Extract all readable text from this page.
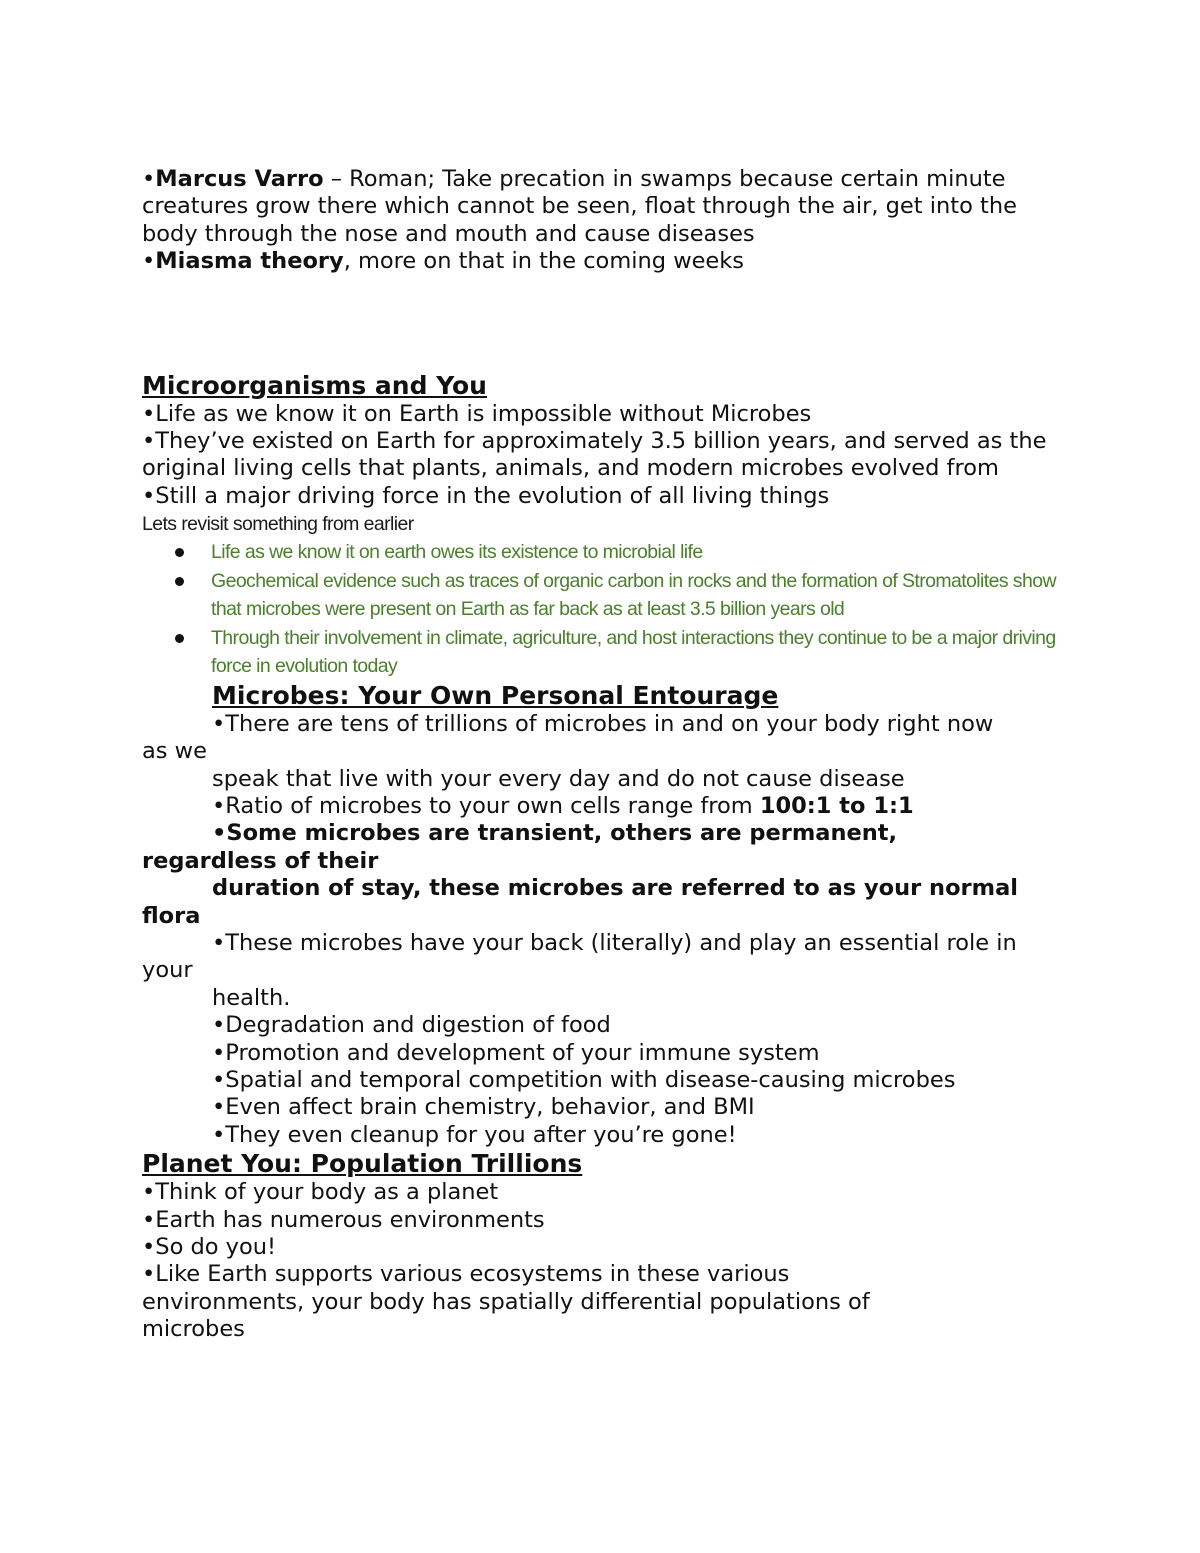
•Marcus Varro – Roman; Take precation in swamps because certain minute creatures grow there which cannot be seen, float through the air, get into the body through the nose and mouth and cause diseases

•Miasma theory, more on that in the coming weeks

Microorganisms and You

•Life as we know it on Earth is impossible without Microbes

•They’ve existed on Earth for approximately 3.5 billion years, and served as the original living cells that plants, animals, and modern microbes evolved from

•Still a major driving force in the evolution of all living things

Lets revisit something from earlier

Life as we know it on earth owes its existence to microbial life
Geochemical evidence such as traces of organic carbon in rocks and the formation of Stromatolites show that microbes were present on Earth as far back as at least 3.5 billion years old
Through their involvement in climate, agriculture, and host interactions they continue to be a major driving force in evolution today
Microbes: Your Own Personal Entourage

•There are tens of trillions of microbes in and on your body right now

as we

speak that live with your every day and do not cause disease

•Ratio of microbes to your own cells range from 100:1 to 1:1

•Some microbes are transient, others are permanent,

regardless of their

duration of stay, these microbes are referred to as your normal

flora

•These microbes have your back (literally) and play an essential role in

your

health.

•Degradation and digestion of food

•Promotion and development of your immune system

•Spatial and temporal competition with disease-causing microbes

•Even affect brain chemistry, behavior, and BMI

•They even cleanup for you after you’re gone!

Planet You: Population Trillions

•Think of your body as a planet

•Earth has numerous environments

•So do you!

•Like Earth supports various ecosystems in these various environments, your body has spatially differential populations of microbes
